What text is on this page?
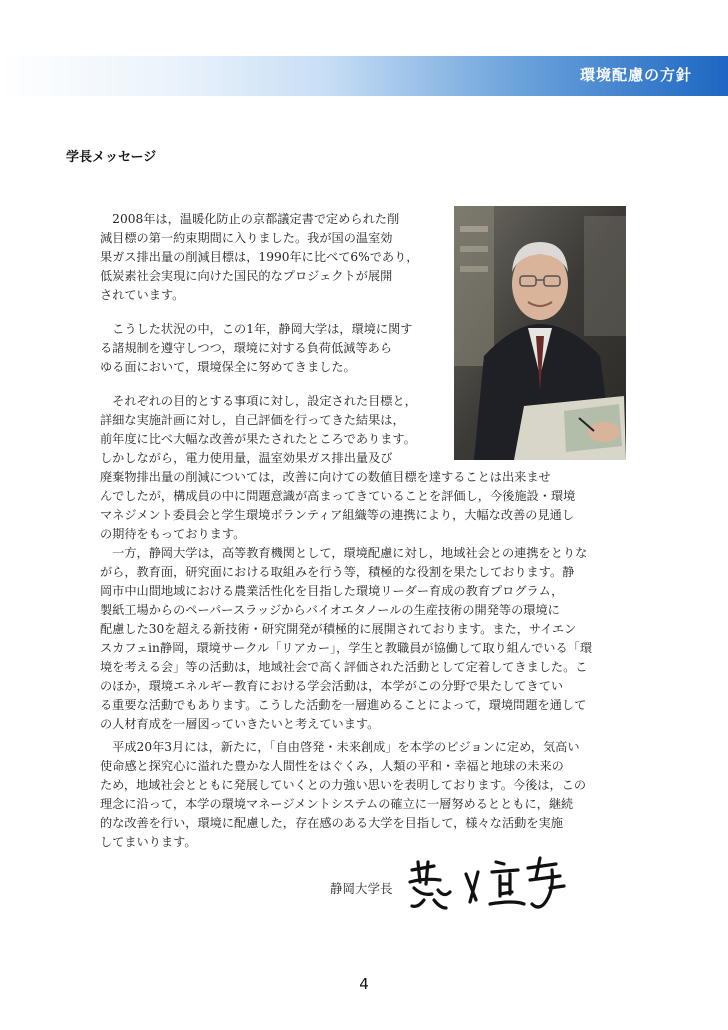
環境配慮の方針
学長メッセージ
　2008年は，温暖化防止の京都議定書で定められた削
減目標の第一約束期間に入りました。我が国の温室効
果ガス排出量の削減目標は，1990年に比べて6%であり，
低炭素社会実現に向けた国民的なプロジェクトが展開
されています。
　こうした状況の中，この1年，静岡大学は，環境に関す
る諸規制を遵守しつつ，環境に対する負荷低減等あら
ゆる面において，環境保全に努めてきました。
　それぞれの目的とする事項に対し，設定された目標と，
詳細な実施計画に対し，自己評価を行ってきた結果は，
前年度に比べ大幅な改善が果たされたところであります。
しかしながら，電力使用量，温室効果ガス排出量及び
廃棄物排出量の削減については，改善に向けての数値目標を達することは出来ませ
んでしたが，構成員の中に問題意識が高まってきていることを評価し，今後施設・環境
マネジメント委員会と学生環境ボランティア組織等の連携により，大幅な改善の見通し
の期待をもっております。
　一方，静岡大学は，高等教育機関として，環境配慮に対し，地域社会との連携をとりな
がら，教育面，研究面における取組みを行う等，積極的な役割を果たしております。静
岡市中山間地域における農業活性化を目指した環境リーダー育成の教育プログラム，
製紙工場からのペーパースラッジからバイオエタノールの生産技術の開発等の環境に
配慮した30を超える新技術・研究開発が積極的に展開されております。また，サイエン
スカフェin静岡，環境サークル「リアカー」，学生と教職員が協働して取り組んでいる「環
境を考える会」等の活動は，地域社会で高く評価された活動として定着してきました。こ
のほか，環境エネルギー教育における学会活動は，本学がこの分野で果たしてきてい
る重要な活動でもあります。こうした活動を一層進めることによって，環境問題を通して
の人材育成を一層図っていきたいと考えています。
　平成20年3月には，新たに，「自由啓発・未来創成」を本学のビジョンに定め，気高い
使命感と探究心に溢れた豊かな人間性をはぐくみ，人類の平和・幸福と地球の未来の
ため，地域社会とともに発展していくとの力強い思いを表明しております。今後は，この
理念に沿って，本学の環境マネージメントシステムの確立に一層努めるとともに，継続
的な改善を行い，環境に配慮した，存在感のある大学を目指して，様々な活動を実施
してまいります。
静岡大学長
4
